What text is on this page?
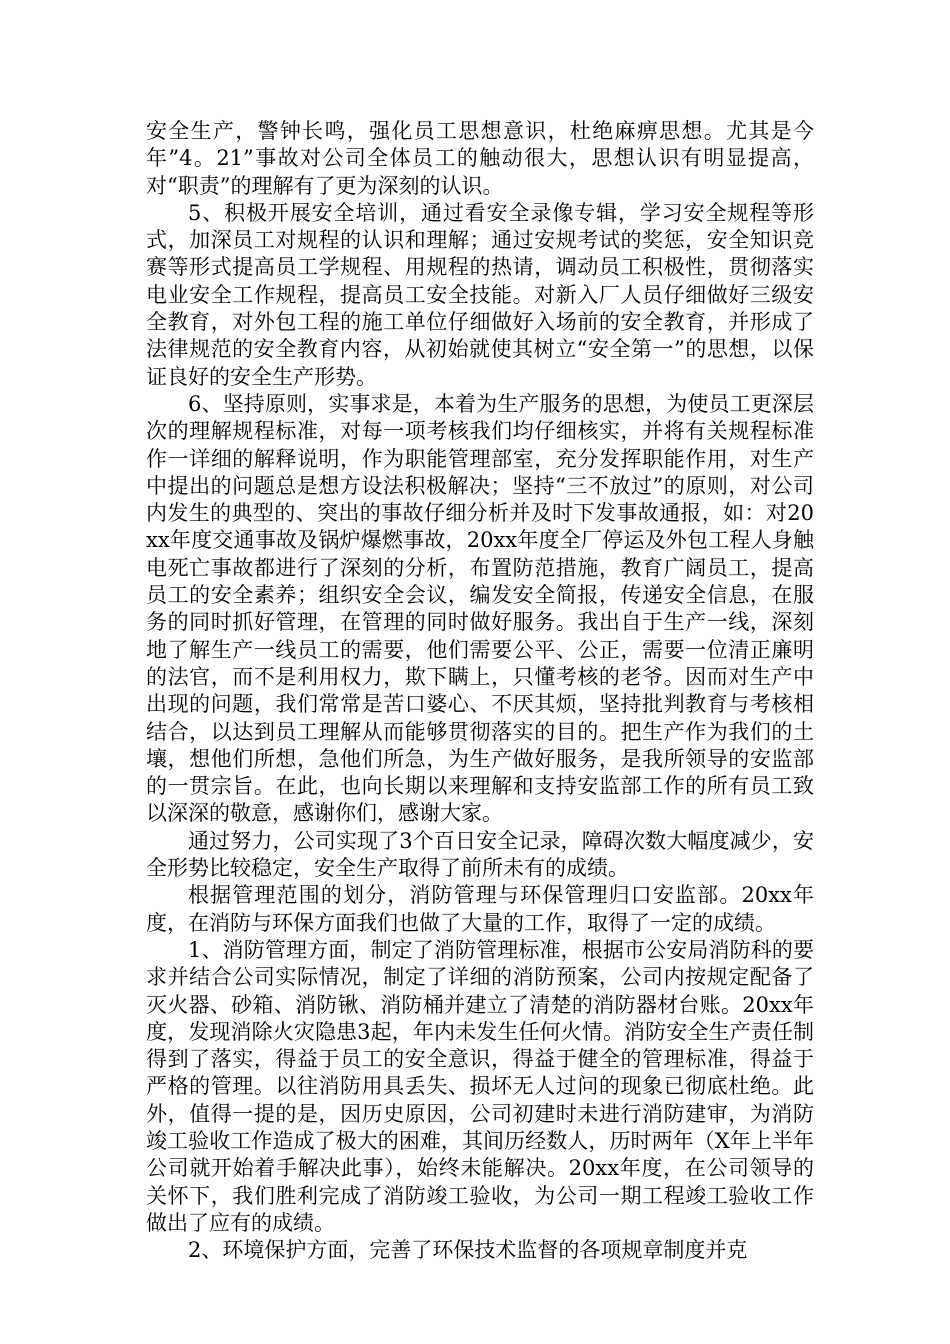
安全生产，警钟长鸣，强化员工思想意识，杜绝麻痹思想。尤其是今年”4。21”事故对公司全体员工的触动很大，思想认识有明显提高，对“职责”的理解有了更为深刻的认识。

5、积极开展安全培训，通过看安全录像专辑，学习安全规程等形式，加深员工对规程的认识和理解；通过安规考试的奖惩，安全知识竞赛等形式提高员工学规程、用规程的热请，调动员工积极性，贯彻落实电业安全工作规程，提高员工安全技能。对新入厂人员仔细做好三级安全教育，对外包工程的施工单位仔细做好入场前的安全教育，并形成了法律规范的安全教育内容，从初始就使其树立“安全第一”的思想，以保证良好的安全生产形势。

6、坚持原则，实事求是，本着为生产服务的思想，为使员工更深层次的理解规程标准，对每一项考核我们均仔细核实，并将有关规程标准作一详细的解释说明，作为职能管理部室，充分发挥职能作用，对生产中提出的问题总是想方设法积极解决；坚持“三不放过”的原则，对公司内发生的典型的、突出的事故仔细分析并及时下发事故通报，如：对20xx年度交通事故及锅炉爆燃事故，20xx年度全厂停运及外包工程人身触电死亡事故都进行了深刻的分析，布置防范措施，教育广阔员工，提高员工的安全素养；组织安全会议，编发安全简报，传递安全信息，在服务的同时抓好管理，在管理的同时做好服务。我出自于生产一线，深刻地了解生产一线员工的需要，他们需要公平、公正，需要一位清正廉明的法官，而不是利用权力，欺下瞒上，只懂考核的老爷。因而对生产中出现的问题，我们常常是苦口婆心、不厌其烦，坚持批判教育与考核相结合，以达到员工理解从而能够贯彻落实的目的。把生产作为我们的土壤，想他们所想，急他们所急，为生产做好服务，是我所领导的安监部的一贯宗旨。在此，也向长期以来理解和支持安监部工作的所有员工致以深深的敬意，感谢你们，感谢大家。

通过努力，公司实现了3个百日安全记录，障碍次数大幅度减少，安全形势比较稳定，安全生产取得了前所未有的成绩。

根据管理范围的划分，消防管理与环保管理归口安监部。20xx年度，在消防与环保方面我们也做了大量的工作，取得了一定的成绩。

1、消防管理方面，制定了消防管理标准，根据市公安局消防科的要求并结合公司实际情况，制定了详细的消防预案，公司内按规定配备了灭火器、砂箱、消防锹、消防桶并建立了清楚的消防器材台账。20xx年度，发现消除火灾隐患3起，年内未发生任何火情。消防安全生产责任制得到了落实，得益于员工的安全意识，得益于健全的管理标准，得益于严格的管理。以往消防用具丢失、损坏无人过问的现象已彻底杜绝。此外，值得一提的是，因历史原因，公司初建时未进行消防建审，为消防竣工验收工作造成了极大的困难，其间历经数人，历时两年（X年上半年公司就开始着手解决此事），始终未能解决。20xx年度，在公司领导的关怀下，我们胜利完成了消防竣工验收，为公司一期工程竣工验收工作做出了应有的成绩。

2、环境保护方面，完善了环保技术监督的各项规章制度并克
